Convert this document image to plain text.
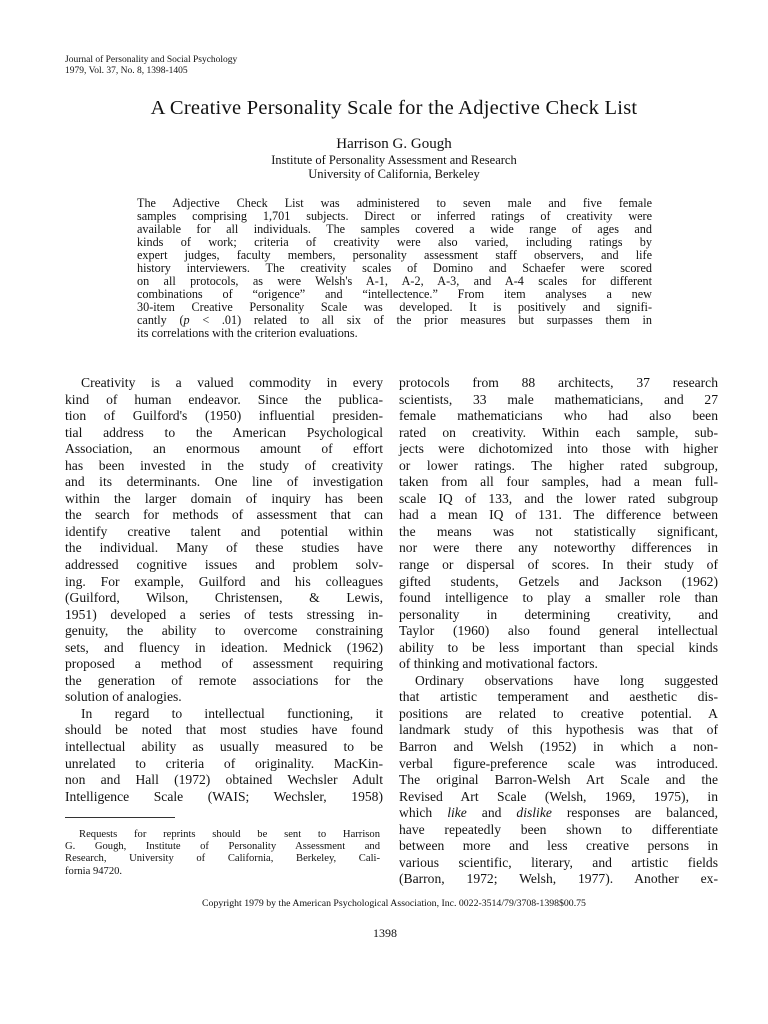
Journal of Personality and Social Psychology
1979, Vol. 37, No. 8, 1398-1405
A Creative Personality Scale for the Adjective Check List
Harrison G. Gough
Institute of Personality Assessment and Research
University of California, Berkeley
The Adjective Check List was administered to seven male and five female
samples comprising 1,701 subjects. Direct or inferred ratings of creativity were
available for all individuals. The samples covered a wide range of ages and
kinds of work; criteria of creativity were also varied, including ratings by
expert judges, faculty members, personality assessment staff observers, and life
history interviewers. The creativity scales of Domino and Schaefer were scored
on all protocols, as were Welsh's A-1, A-2, A-3, and A-4 scales for different
combinations of “origence” and “intellectence.” From item analyses a new
30-item Creative Personality Scale was developed. It is positively and signifi-
cantly (p < .01) related to all six of the prior measures but surpasses them in
its correlations with the criterion evaluations.
Creativity is a valued commodity in every
kind of human endeavor. Since the publica-
tion of Guilford's (1950) influential presiden-
tial address to the American Psychological
Association, an enormous amount of effort
has been invested in the study of creativity
and its determinants. One line of investigation
within the larger domain of inquiry has been
the search for methods of assessment that can
identify creative talent and potential within
the individual. Many of these studies have
addressed cognitive issues and problem solv-
ing. For example, Guilford and his colleagues
(Guilford, Wilson, Christensen, & Lewis,
1951) developed a series of tests stressing in-
genuity, the ability to overcome constraining
sets, and fluency in ideation. Mednick (1962)
proposed a method of assessment requiring
the generation of remote associations for the
solution of analogies.
In regard to intellectual functioning, it
should be noted that most studies have found
intellectual ability as usually measured to be
unrelated to criteria of originality. MacKin-
non and Hall (1972) obtained Wechsler Adult
Intelligence Scale (WAIS; Wechsler, 1958)
protocols from 88 architects, 37 research
scientists, 33 male mathematicians, and 27
female mathematicians who had also been
rated on creativity. Within each sample, sub-
jects were dichotomized into those with higher
or lower ratings. The higher rated subgroup,
taken from all four samples, had a mean full-
scale IQ of 133, and the lower rated subgroup
had a mean IQ of 131. The difference between
the means was not statistically significant,
nor were there any noteworthy differences in
range or dispersal of scores. In their study of
gifted students, Getzels and Jackson (1962)
found intelligence to play a smaller role than
personality in determining creativity, and
Taylor (1960) also found general intellectual
ability to be less important than special kinds
of thinking and motivational factors.
Ordinary observations have long suggested
that artistic temperament and aesthetic dis-
positions are related to creative potential. A
landmark study of this hypothesis was that of
Barron and Welsh (1952) in which a non-
verbal figure-preference scale was introduced.
The original Barron-Welsh Art Scale and the
Revised Art Scale (Welsh, 1969, 1975), in
which like and dislike responses are balanced,
have repeatedly been shown to differentiate
between more and less creative persons in
various scientific, literary, and artistic fields
(Barron, 1972; Welsh, 1977). Another ex-
Requests for reprints should be sent to Harrison
G. Gough, Institute of Personality Assessment and
Research, University of California, Berkeley, Cali-
fornia 94720.
Copyright 1979 by the American Psychological Association, Inc. 0022-3514/79/3708-1398$00.75
1398
